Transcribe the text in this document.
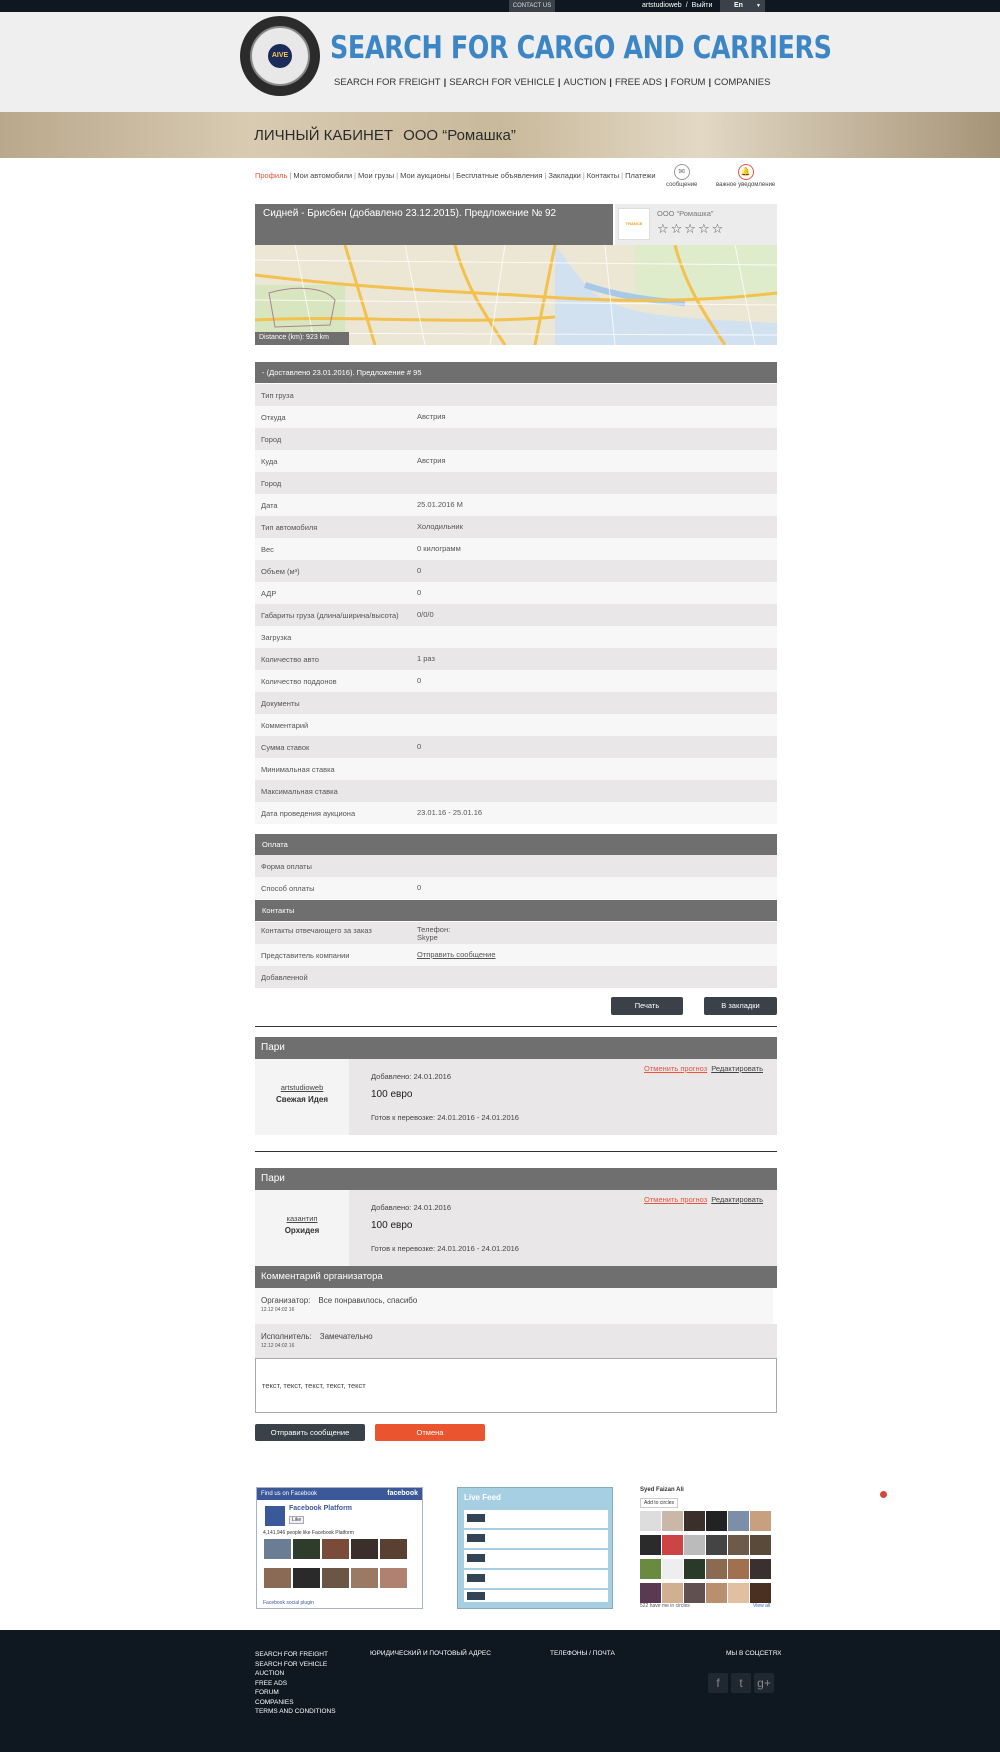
CONTACT US	artstudioweb / Выйти	En	▼
AIVE SEARCH FOR CARGO AND CARRIERS
SEARCH FOR FREIGHT | SEARCH FOR VEHICLE | AUCTION | FREE ADS | FORUM | COMPANIES
ЛИЧНЫЙ КАБИНЕТ ООО “Ромашка”
Профиль | Мои автомобили | Мои грузы | Мои аукционы | Бесплатные объявления | Закладки | Контакты | Платежи	✉
сообщение
🔔
важное уведомление
Сидней - Брисбен (добавлено 23.12.2015). Предложение № 92
TRANCE
ООО “Ромашка”
☆☆☆☆☆
Distance (km): 923 km
- (Доставлено 23.01.2016). Предложение # 95
Тип груза
Откуда	Австрия
Город
Куда	Австрия
Город
Дата	25.01.2016 М
Тип автомобиля	Холодильник
Вес	0 килограмм
Объем (м³)	0
АДР	0
Габариты груза (длина/ширина/высота) 0/0/0
Загрузка
Количество авто	1 раз
Количество поддонов	0
Документы
Комментарий
Сумма ставок	0
Минимальная ставка
Максимальная ставка
Дата проведения аукциона	23.01.16 - 25.01.16
Оплата
Форма оплаты
Способ оплаты	0
Контакты
Контакты отвечающего за заказ	Телефон:
Skype
Представитель компании	Отправить сообщение
Добавленной
Печать	В закладки
Пари
artstudioweb
Свежая Идея
Добавлено: 24.01.2016
100 евро
Готов к перевозке: 24.01.2016 - 24.01.2016
Отменить прогноз Редактировать
Пари
казантип
Орхидея
Добавлено: 24.01.2016
100 евро
Готов к перевозке: 24.01.2016 - 24.01.2016
Отменить прогноз Редактировать
Комментарий организатора
Организатор: Все понравилось, спасибо
12.12 04:02 16
Исполнитель: Замечательно
12.12 04:02 16
текст, текст, текст, текст, текст
Отправить сообщение	Отмена
Find us on Facebook	facebook
Facebook Platform
Like
4,141,946 people like Facebook Platform

Facebook social plugin
Live Feed
Syed Faizan Ali
Add to circles

522 have me in circles	View all
SEARCH FOR FREIGHT
SEARCH FOR VEHICLE
AUCTION
FREE ADS
FORUM
COMPANIES
TERMS AND CONDITIONS
ЮРИДИЧЕСКИЙ И ПОЧТОВЫЙ АДРЕС	ТЕЛЕФОНЫ / ПОЧТА	МЫ В СОЦСЕТЯХ
f	t	g+
